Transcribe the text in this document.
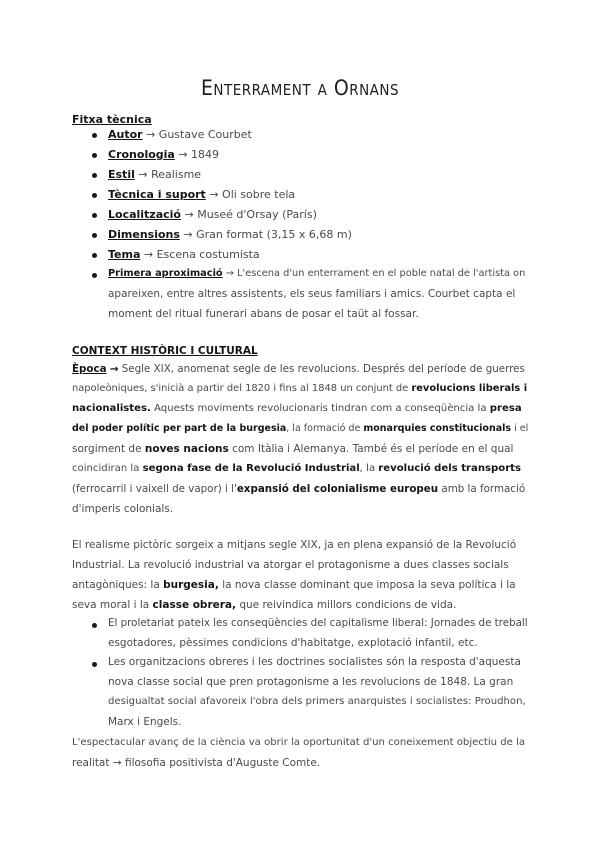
Enterrament a Ornans
Fitxa tècnica
Autor → Gustave Courbet
Cronologia → 1849
Estil → Realisme
Tècnica i suport → Oli sobre tela
Localització → Museé d'Orsay (París)
Dimensions → Gran format (3,15 x 6,68 m)
Tema → Escena costumista
Primera aproximació → L'escena d'un enterrament en el poble natal de l'artista on
apareixen, entre altres assistents, els seus familiars i amics. Courbet capta el
moment del ritual funerari abans de posar el taüt al fossar.
CONTEXT HISTÒRIC I CULTURAL
Època → Segle XIX, anomenat segle de les revolucions. Després del període de guerres
napoleòniques, s'inicià a partir del 1820 i fins al 1848 un conjunt de revolucions liberals i
nacionalistes. Aquests moviments revolucionaris tindran com a conseqüència la presa
del poder polític per part de la burgesia, la formació de monarquies constitucionals i el
sorgiment de noves nacions com Itàlia i Alemanya. També és el període en el qual
coincidiran la segona fase de la Revolució Industrial, la revolució dels transports
(ferrocarril i vaixell de vapor) i l'expansió del colonialisme europeu amb la formació
d'imperis colonials.
El realisme pictòric sorgeix a mitjans segle XIX, ja en plena expansió de la Revolució
Industrial. La revolució industrial va atorgar el protagonisme a dues classes socials
antagòniques: la burgesia, la nova classe dominant que imposa la seva política i la
seva moral i la classe obrera, que reivindica millors condicions de vida.
El proletariat pateix les conseqüències del capitalisme liberal: Jornades de treball
esgotadores, pèssimes condicions d'habitatge, explotació infantil, etc.
Les organitzacions obreres i les doctrines socialistes són la resposta d'aquesta
nova classe social que pren protagonisme a les revolucions de 1848. La gran
desigualtat social afavoreix l'obra dels primers anarquistes i socialistes: Proudhon,
Marx i Engels.
L'espectacular avanç de la ciència va obrir la oportunitat d'un coneixement objectiu de la
realitat → filosofia positivista d'Auguste Comte.
